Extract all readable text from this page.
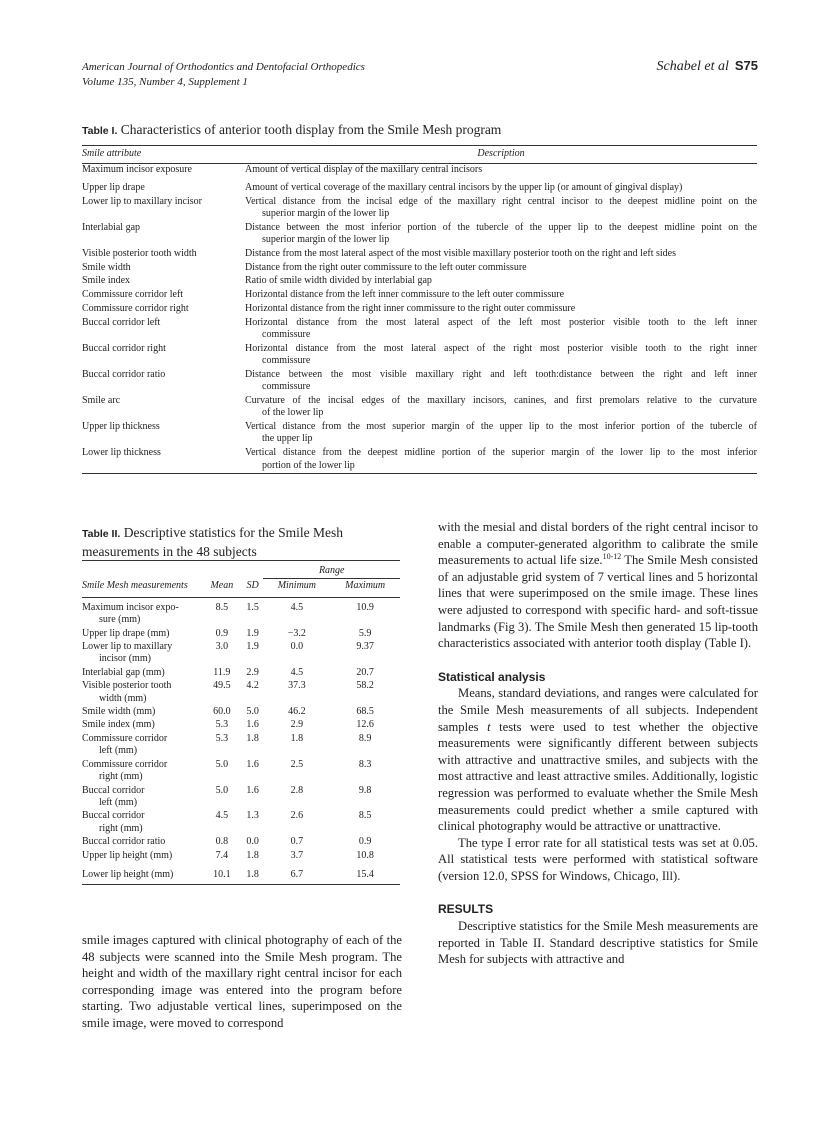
American Journal of Orthodontics and Dentofacial Orthopedics
Volume 135, Number 4, Supplement 1
Schabel et al S75
Table I. Characteristics of anterior tooth display from the Smile Mesh program
Smile attribute	Description
Maximum incisor exposure	Amount of vertical display of the maxillary central incisors

Upper lip drape	Amount of vertical coverage of the maxillary central incisors by the upper lip (or amount of gingival display)

Lower lip to maxillary incisor	Vertical distance from the incisal edge of the maxillary right central incisor to the deepest midline point on the
superior margin of the lower lip

Interlabial gap	Distance between the most inferior portion of the tubercle of the upper lip to the deepest midline point on the
superior margin of the lower lip

Visible posterior tooth width	Distance from the most lateral aspect of the most visible maxillary posterior tooth on the right and left sides

Smile width	Distance from the right outer commissure to the left outer commissure

Smile index	Ratio of smile width divided by interlabial gap

Commissure corridor left	Horizontal distance from the left inner commissure to the left outer commissure

Commissure corridor right	Horizontal distance from the right inner commissure to the right outer commissure

Buccal corridor left	Horizontal distance from the most lateral aspect of the left most posterior visible tooth to the left inner
commissure

Buccal corridor right	Horizontal distance from the most lateral aspect of the right most posterior visible tooth to the right inner
commissure

Buccal corridor ratio	Distance between the most visible maxillary right and left tooth:distance between the right and left inner
commissure

Smile arc	Curvature of the incisal edges of the maxillary incisors, canines, and first premolars relative to the curvature
of the lower lip

Upper lip thickness	Vertical distance from the most superior margin of the upper lip to the most inferior portion of the tubercle of
the upper lip

Lower lip thickness	Vertical distance from the deepest midline portion of the superior margin of the lower lip to the most inferior
portion of the lower lip
Table II. Descriptive statistics for the Smile Mesh measurements in the 48 subjects
Smile Mesh measurements			Range	
	Mean	SD	Minimum	Maximum

Maximum incisor expo-
sure (mm)	8.5	1.5	4.5	10.9

Upper lip drape (mm)	0.9	1.9	−3.2	5.9

Lower lip to maxillary
incisor (mm)	3.0	1.9	0.0	9.37

Interlabial gap (mm)	11.9	2.9	4.5	20.7

Visible posterior tooth
width (mm)	49.5	4.2	37.3	58.2

Smile width (mm)	60.0	5.0	46.2	68.5

Smile index (mm)	5.3	1.6	2.9	12.6

Commissure corridor
left (mm)	5.3	1.8	1.8	8.9

Commissure corridor
right (mm)	5.0	1.6	2.5	8.3

Buccal corridor
left (mm)	5.0	1.6	2.8	9.8

Buccal corridor
right (mm)	4.5	1.3	2.6	8.5

Buccal corridor ratio	0.8	0.0	0.7	0.9

Upper lip height (mm)	7.4	1.8	3.7	10.8

Lower lip height (mm)	10.1	1.8	6.7	15.4

smile images captured with clinical photography of each of the 48 subjects were scanned into the Smile Mesh program. The height and width of the maxillary right central incisor for each corresponding image was entered into the program before starting. Two adjustable vertical lines, superimposed on the smile image, were moved to correspond

with the mesial and distal borders of the right central incisor to enable a computer-generated algorithm to calibrate the smile measurements to actual life size.$^{10-12}$ The Smile Mesh consisted of an adjustable grid system of 7 vertical lines and 5 horizontal lines that were superimposed on the smile image. These lines were adjusted to correspond with specific hard- and soft-tissue landmarks (Fig 3). The Smile Mesh then generated 15 lip-tooth characteristics associated with anterior tooth display (Table I).

Statistical analysis

Means, standard deviations, and ranges were calculated for the Smile Mesh measurements of all subjects. Independent samples t tests were used to test whether the objective measurements were significantly different between subjects with attractive and unattractive smiles, and subjects with the most attractive and least attractive smiles. Additionally, logistic regression was performed to evaluate whether the Smile Mesh measurements could predict whether a smile captured with clinical photography would be attractive or unattractive.

The type I error rate for all statistical tests was set at 0.05. All statistical tests were performed with statistical software (version 12.0, SPSS for Windows, Chicago, Ill).

RESULTS

Descriptive statistics for the Smile Mesh measurements are reported in Table II. Standard descriptive statistics for Smile Mesh for subjects with attractive and
